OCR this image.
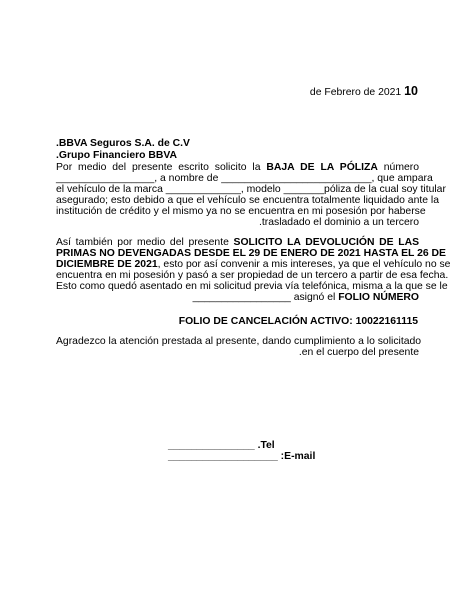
de Febrero de 2021 10
.BBVA Seguros S.A. de C.V
.Grupo Financiero BBVA
Por medio del presente escrito solicito la BAJA DE LA PÓLIZA número
_________________, a nombre de __________________________, que ampara
el vehículo de la marca _____________, modelo _______póliza de la cual soy titular
asegurado; esto debido a que el vehículo se encuentra totalmente liquidado ante la
institución de crédito y el mismo ya no se encuentra en mi posesión por haberse
.trasladado el dominio a un tercero
Así también por medio del presente SOLICITO LA DEVOLUCIÓN DE LAS
PRIMAS NO DEVENGADAS DESDE EL 29 DE ENERO DE 2021 HASTA EL 26 DE
DICIEMBRE DE 2021, esto por así convenir a mis intereses, ya que el vehículo no se
encuentra en mi posesión y pasó a ser propiedad de un tercero a partir de esa fecha.
Esto como quedó asentado en mi solicitud previa vía telefónica, misma a la que se le
_________________ asignó el FOLIO NÚMERO
FOLIO DE CANCELACIÓN ACTIVO: 10022161115
Agradezco la atención prestada al presente, dando cumplimiento a lo solicitado
.en el cuerpo del presente
_______________ .Tel
___________________ :E-mail
